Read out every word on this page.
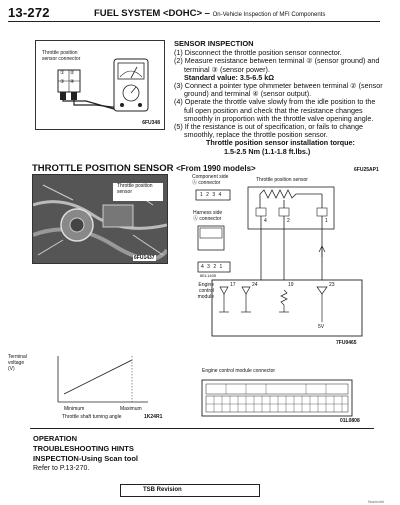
13-272	FUEL SYSTEM <DOHC> – On-Vehicle Inspection of MFI Components
Throttle position
sensor connector
① ②
③ ④
6FU348
SENSOR INSPECTION
(1) Disconnect the throttle position sensor connector.
(2) Measure resistance between terminal ② (sensor ground) and terminal ③ (sensor power).
Standard value: 3.5-6.5 kΩ
(3) Connect a pointer type ohmmeter between terminal ② (sensor ground) and terminal ④ (sensor output).
(4) Operate the throttle valve slowly from the idle position to the full open position and check that the resistance changes smoothly in proportion with the throttle valve opening angle.
(5) If the resistance is out of specification, or fails to change smoothly, replace the throttle position sensor.
Throttle position sensor installation torque:
1.5-2.5 Nm (1.1-1.8 ft.lbs.)
THROTTLE POSITION SENSOR <From 1990 models>	6FU25AP1
Throttle position
sensor
6FU1437
Component side
Ⓐ connector	Throttle position sensor
1 2 3 4
Harness side
Ⓐ connector
4 3 2 1
6EL1405
4	2	1
Engine
control
module
17	24	19	23
5V
7FU0465
Terminal
voltage
(V)
Minimum	Maximum
Throttle shaft turning angle	1K24R1
Engine control module connector
01L0808
OPERATION
TROUBLESHOOTING HINTS
INSPECTION-Using Scan tool
Refer to P.13-270.
TSB Revision
Nos/ecdr6
